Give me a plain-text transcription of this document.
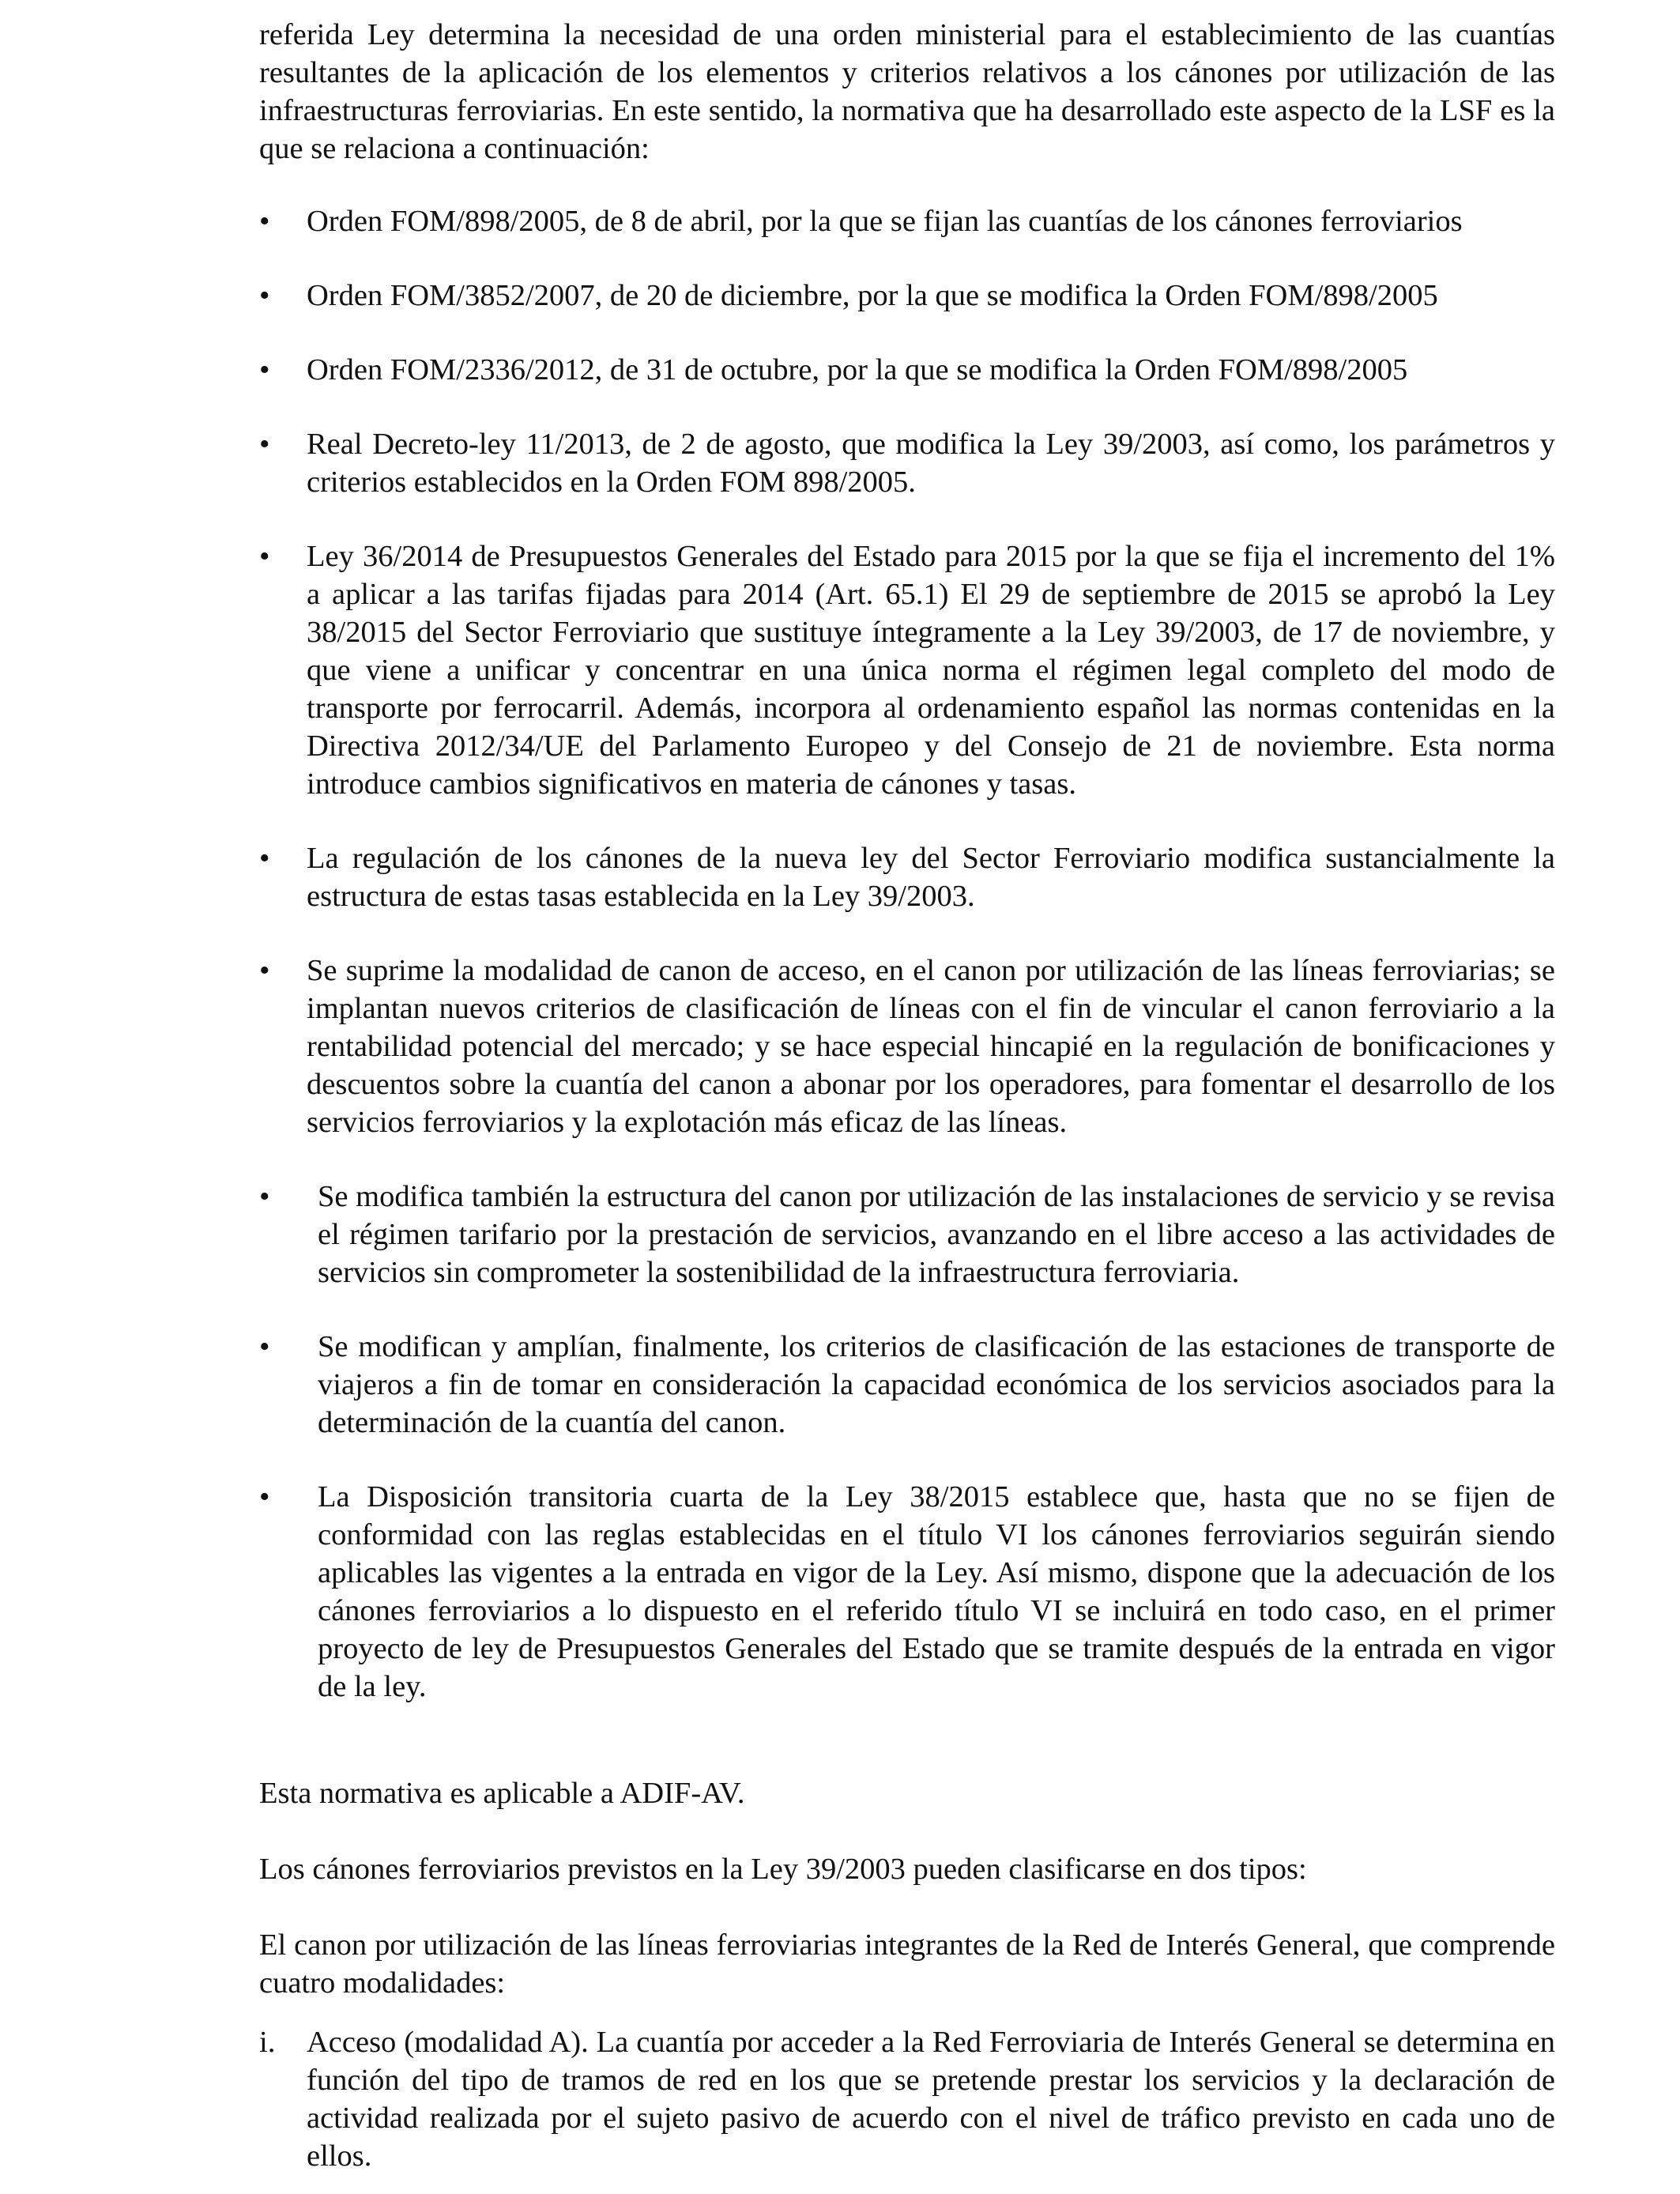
referida Ley determina la necesidad de una orden ministerial para el establecimiento de las cuantías resultantes de la aplicación de los elementos y criterios relativos a los cánones por utilización de las infraestructuras ferroviarias. En este sentido, la normativa que ha desarrollado este aspecto de la LSF es la que se relaciona a continuación:

•	Orden FOM/898/2005, de 8 de abril, por la que se fijan las cuantías de los cánones ferroviarios
•	Orden FOM/3852/2007, de 20 de diciembre, por la que se modifica la Orden FOM/898/2005
•	Orden FOM/2336/2012, de 31 de octubre, por la que se modifica la Orden FOM/898/2005
•	Real Decreto-ley 11/2013, de 2 de agosto, que modifica la Ley 39/2003, así como, los parámetros y criterios establecidos en la Orden FOM 898/2005.

•	Ley 36/2014 de Presupuestos Generales del Estado para 2015 por la que se fija el incremento del 1% a aplicar a las tarifas fijadas para 2014 (Art. 65.1) El 29 de septiembre de 2015 se aprobó la Ley 38/2015 del Sector Ferroviario que sustituye íntegramente a la Ley 39/2003, de 17 de noviembre, y que viene a unificar y concentrar en una única norma el régimen legal completo del modo de transporte por ferrocarril. Además, incorpora al ordenamiento español las normas contenidas en la Directiva 2012/34/UE del Parlamento Europeo y del Consejo de 21 de noviembre. Esta norma introduce cambios significativos en materia de cánones y tasas.

•	La regulación de los cánones de la nueva ley del Sector Ferroviario modifica sustancialmente la estructura de estas tasas establecida en la Ley 39/2003.

•	Se suprime la modalidad de canon de acceso, en el canon por utilización de las líneas ferroviarias; se implantan nuevos criterios de clasificación de líneas con el fin de vincular el canon ferroviario a la rentabilidad potencial del mercado; y se hace especial hincapié en la regulación de bonificaciones y descuentos sobre la cuantía del canon a abonar por los operadores, para fomentar el desarrollo de los servicios ferroviarios y la explotación más eficaz de las líneas.

•	Se modifica también la estructura del canon por utilización de las instalaciones de servicio y se revisa el régimen tarifario por la prestación de servicios, avanzando en el libre acceso a las actividades de servicios sin comprometer la sostenibilidad de la infraestructura ferroviaria.

•	Se modifican y amplían, finalmente, los criterios de clasificación de las estaciones de transporte de viajeros a fin de tomar en consideración la capacidad económica de los servicios asociados para la determinación de la cuantía del canon.

•	La Disposición transitoria cuarta de la Ley 38/2015 establece que, hasta que no se fijen de conformidad con las reglas establecidas en el título VI los cánones ferroviarios seguirán siendo aplicables las vigentes a la entrada en vigor de la Ley. Así mismo, dispone que la adecuación de los cánones ferroviarios a lo dispuesto en el referido título VI se incluirá en todo caso, en el primer proyecto de ley de Presupuestos Generales del Estado que se tramite después de la entrada en vigor de la ley.

Esta normativa es aplicable a ADIF-AV.

Los cánones ferroviarios previstos en la Ley 39/2003 pueden clasificarse en dos tipos:

El canon por utilización de las líneas ferroviarias integrantes de la Red de Interés General, que comprende cuatro modalidades:

i. Acceso (modalidad A). La cuantía por acceder a la Red Ferroviaria de Interés General se determina en función del tipo de tramos de red en los que se pretende prestar los servicios y la declaración de actividad realizada por el sujeto pasivo de acuerdo con el nivel de tráfico previsto en cada uno de ellos.
